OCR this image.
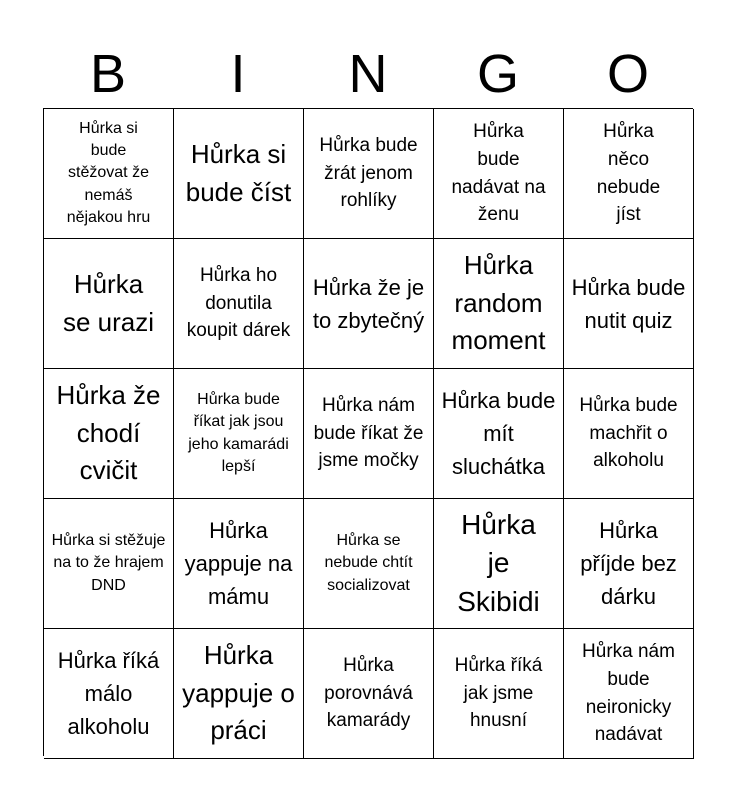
B	I	N	G	O
Hůrka si bude stěžovat že nemáš nějakou hru
Hůrka si bude číst
Hůrka bude žrát jenom rohlíky
Hůrka bude nadávat na ženu
Hůrka něco nebude jíst
Hůrka se urazi
Hůrka ho donutila koupit dárek
Hůrka že je to zbytečný
Hůrka random moment
Hůrka bude nutit quiz
Hůrka že chodí cvičit
Hůrka bude říkat jak jsou jeho kamarádi lepší
Hůrka nám bude říkat že jsme močky
Hůrka bude mít sluchátka
Hůrka bude machřit o alkoholu
Hůrka si stěžuje na to že hrajem DND
Hůrka yappuje na mámu
Hůrka se nebude chtít socializovat
Hůrka je Skibidi
Hůrka příjde bez dárku
Hůrka říká málo alkoholu
Hůrka yappuje o práci
Hůrka porovnává kamarády
Hůrka říká jak jsme hnusní
Hůrka nám bude neironicky nadávat
